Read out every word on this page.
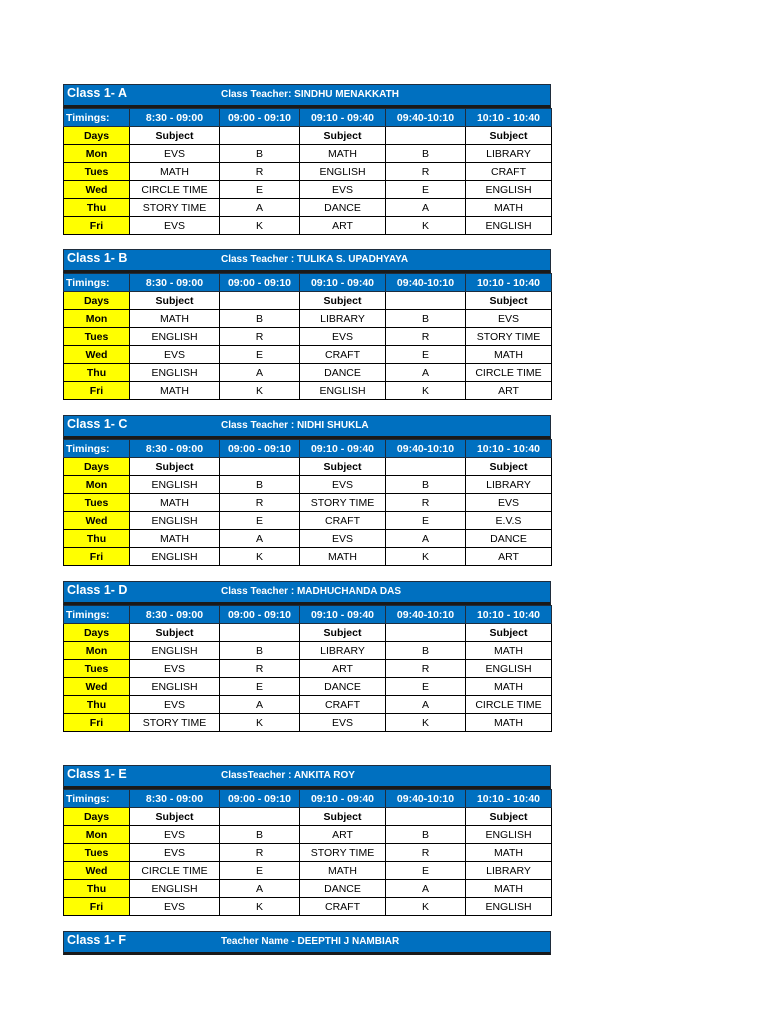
Class 1- A	Class Teacher: SINDHU MENAKKATH
Timings:	8:30 - 09:00	09:00 - 09:10	09:10 - 09:40	09:40-10:10	10:10 - 10:40
Days	Subject		Subject		Subject
Mon	EVS	B	MATH	B	LIBRARY
Tues	MATH	R	ENGLISH	R	CRAFT
Wed	CIRCLE TIME	E	EVS	E	ENGLISH
Thu	STORY TIME	A	DANCE	A	MATH
Fri	EVS	K	ART	K	ENGLISH
Class 1- B	Class Teacher : TULIKA S. UPADHYAYA
Timings:	8:30 - 09:00	09:00 - 09:10	09:10 - 09:40	09:40-10:10	10:10 - 10:40
Days	Subject		Subject		Subject
Mon	MATH	B	LIBRARY	B	EVS
Tues	ENGLISH	R	EVS	R	STORY TIME
Wed	EVS	E	CRAFT	E	MATH
Thu	ENGLISH	A	DANCE	A	CIRCLE TIME
Fri	MATH	K	ENGLISH	K	ART
Class 1- C	Class Teacher : NIDHI SHUKLA
Timings:	8:30 - 09:00	09:00 - 09:10	09:10 - 09:40	09:40-10:10	10:10 - 10:40
Days	Subject		Subject		Subject
Mon	ENGLISH	B	EVS	B	LIBRARY
Tues	MATH	R	STORY TIME	R	EVS
Wed	ENGLISH	E	CRAFT	E	E.V.S
Thu	MATH	A	EVS	A	DANCE
Fri	ENGLISH	K	MATH	K	ART
Class 1- D	Class Teacher : MADHUCHANDA DAS
Timings:	8:30 - 09:00	09:00 - 09:10	09:10 - 09:40	09:40-10:10	10:10 - 10:40
Days	Subject		Subject		Subject
Mon	ENGLISH	B	LIBRARY	B	MATH
Tues	EVS	R	ART	R	ENGLISH
Wed	ENGLISH	E	DANCE	E	MATH
Thu	EVS	A	CRAFT	A	CIRCLE TIME
Fri	STORY TIME	K	EVS	K	MATH
Class 1- E	ClassTeacher : ANKITA ROY
Timings:	8:30 - 09:00	09:00 - 09:10	09:10 - 09:40	09:40-10:10	10:10 - 10:40
Days	Subject		Subject		Subject
Mon	EVS	B	ART	B	ENGLISH
Tues	EVS	R	STORY TIME	R	MATH
Wed	CIRCLE TIME	E	MATH	E	LIBRARY
Thu	ENGLISH	A	DANCE	A	MATH
Fri	EVS	K	CRAFT	K	ENGLISH
Class 1- F	Teacher Name - DEEPTHI J NAMBIAR
